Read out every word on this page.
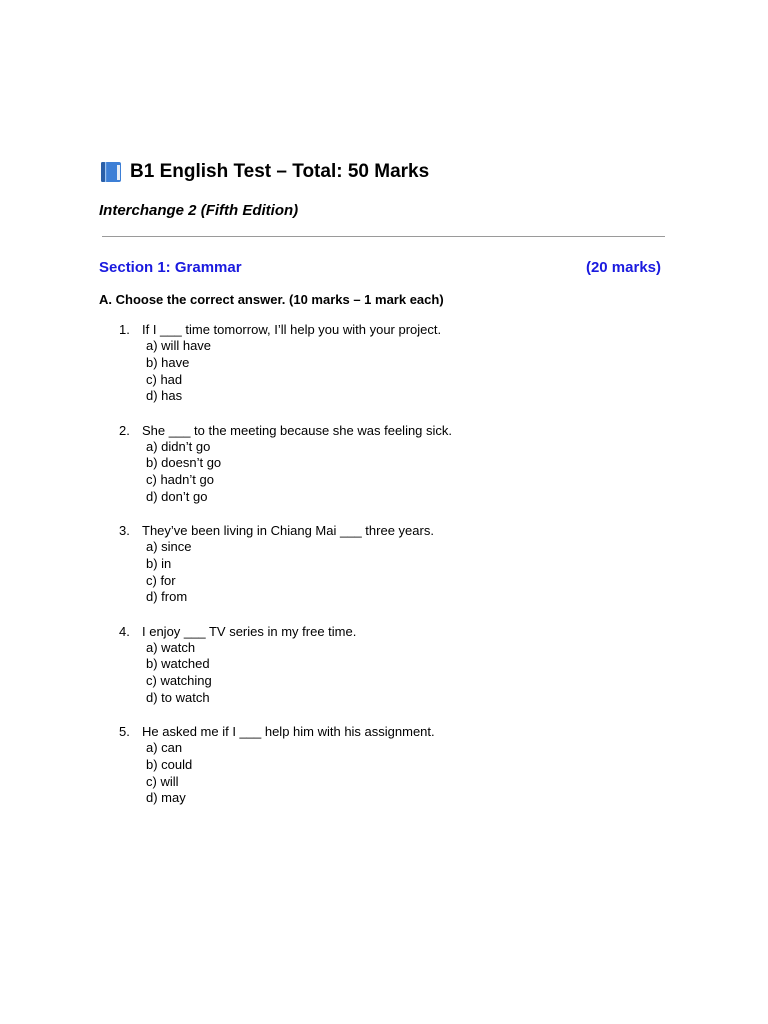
B1 English Test – Total: 50 Marks
Interchange 2 (Fifth Edition)
Section 1: Grammar	(20 marks)
A. Choose the correct answer. (10 marks – 1 mark each)
1. If I ___ time tomorrow, I’ll help you with your project.
a) will have
b) have
c) had
d) has
2. She ___ to the meeting because she was feeling sick.
a) didn’t go
b) doesn’t go
c) hadn’t go
d) don’t go
3. They’ve been living in Chiang Mai ___ three years.
a) since
b) in
c) for
d) from
4. I enjoy ___ TV series in my free time.
a) watch
b) watched
c) watching
d) to watch
5. He asked me if I ___ help him with his assignment.
a) can
b) could
c) will
d) may
